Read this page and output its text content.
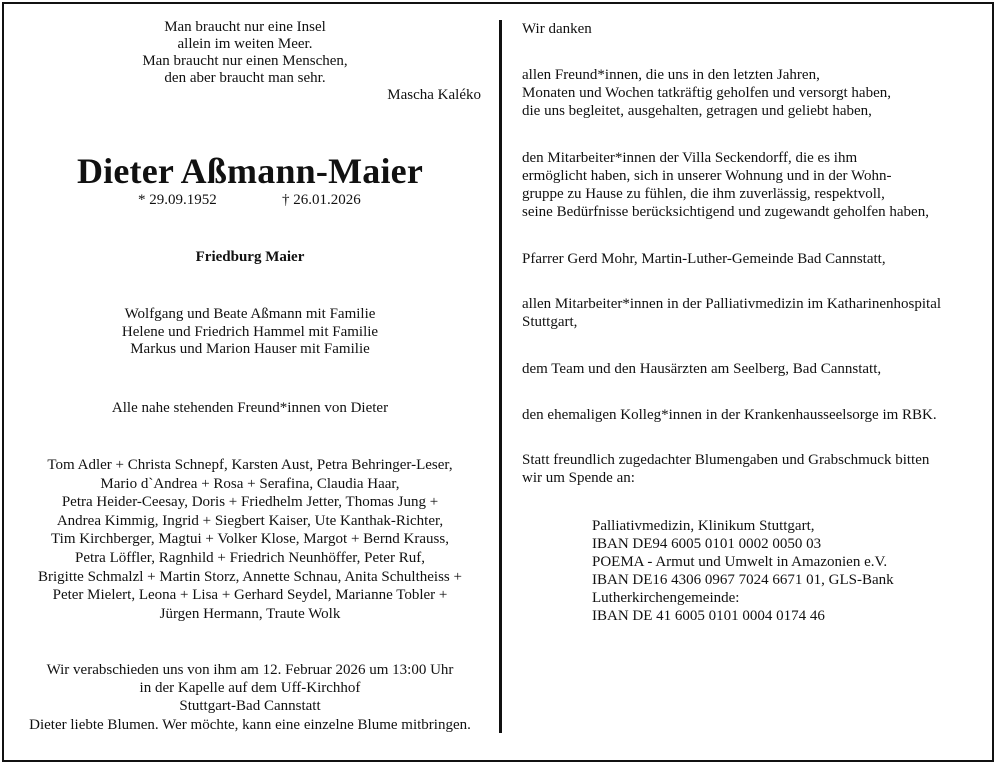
Man braucht nur eine Insel
allein im weiten Meer.
Man braucht nur einen Menschen,
den aber braucht man sehr.
Mascha Kaléko
Dieter Aßmann-Maier
* 29.09.1952	† 26.01.2026
Friedburg Maier
Wolfgang und Beate Aßmann mit Familie
Helene und Friedrich Hammel mit Familie
Markus und Marion Hauser mit Familie
Alle nahe stehenden Freund*innen von Dieter
Tom Adler + Christa Schnepf, Karsten Aust, Petra Behringer-Leser,
Mario d`Andrea + Rosa + Serafina, Claudia Haar,
Petra Heider-Ceesay, Doris + Friedhelm Jetter, Thomas Jung +
Andrea Kimmig, Ingrid + Siegbert Kaiser, Ute Kanthak-Richter,
Tim Kirchberger, Magtui + Volker Klose, Margot + Bernd Krauss,
Petra Löffler, Ragnhild + Friedrich Neunhöffer, Peter Ruf,
Brigitte Schmalzl + Martin Storz, Annette Schnau, Anita Schultheiss +
Peter Mielert, Leona + Lisa + Gerhard Seydel, Marianne Tobler +
Jürgen Hermann, Traute Wolk
Wir verabschieden uns von ihm am 12. Februar 2026 um 13:00 Uhr
in der Kapelle auf dem Uff-Kirchhof
Stuttgart-Bad Cannstatt
Dieter liebte Blumen. Wer möchte, kann eine einzelne Blume mitbringen.
Wir danken
allen Freund*innen, die uns in den letzten Jahren,
Monaten und Wochen tatkräftig geholfen und versorgt haben,
die uns begleitet, ausgehalten, getragen und geliebt haben,
den Mitarbeiter*innen der Villa Seckendorff, die es ihm
ermöglicht haben, sich in unserer Wohnung und in der Wohn-
gruppe zu Hause zu fühlen, die ihm zuverlässig, respektvoll,
seine Bedürfnisse berücksichtigend und zugewandt geholfen haben,
Pfarrer Gerd Mohr, Martin-Luther-Gemeinde Bad Cannstatt,
allen Mitarbeiter*innen in der Palliativmedizin im Katharinenhospital
Stuttgart,
dem Team und den Hausärzten am Seelberg, Bad Cannstatt,
den ehemaligen Kolleg*innen in der Krankenhausseelsorge im RBK.
Statt freundlich zugedachter Blumengaben und Grabschmuck bitten
wir um Spende an:
Palliativmedizin, Klinikum Stuttgart,
IBAN DE94 6005 0101 0002 0050 03
POEMA - Armut und Umwelt in Amazonien e.V.
IBAN DE16 4306 0967 7024 6671 01, GLS-Bank
Lutherkirchengemeinde:
IBAN DE 41 6005 0101 0004 0174 46
